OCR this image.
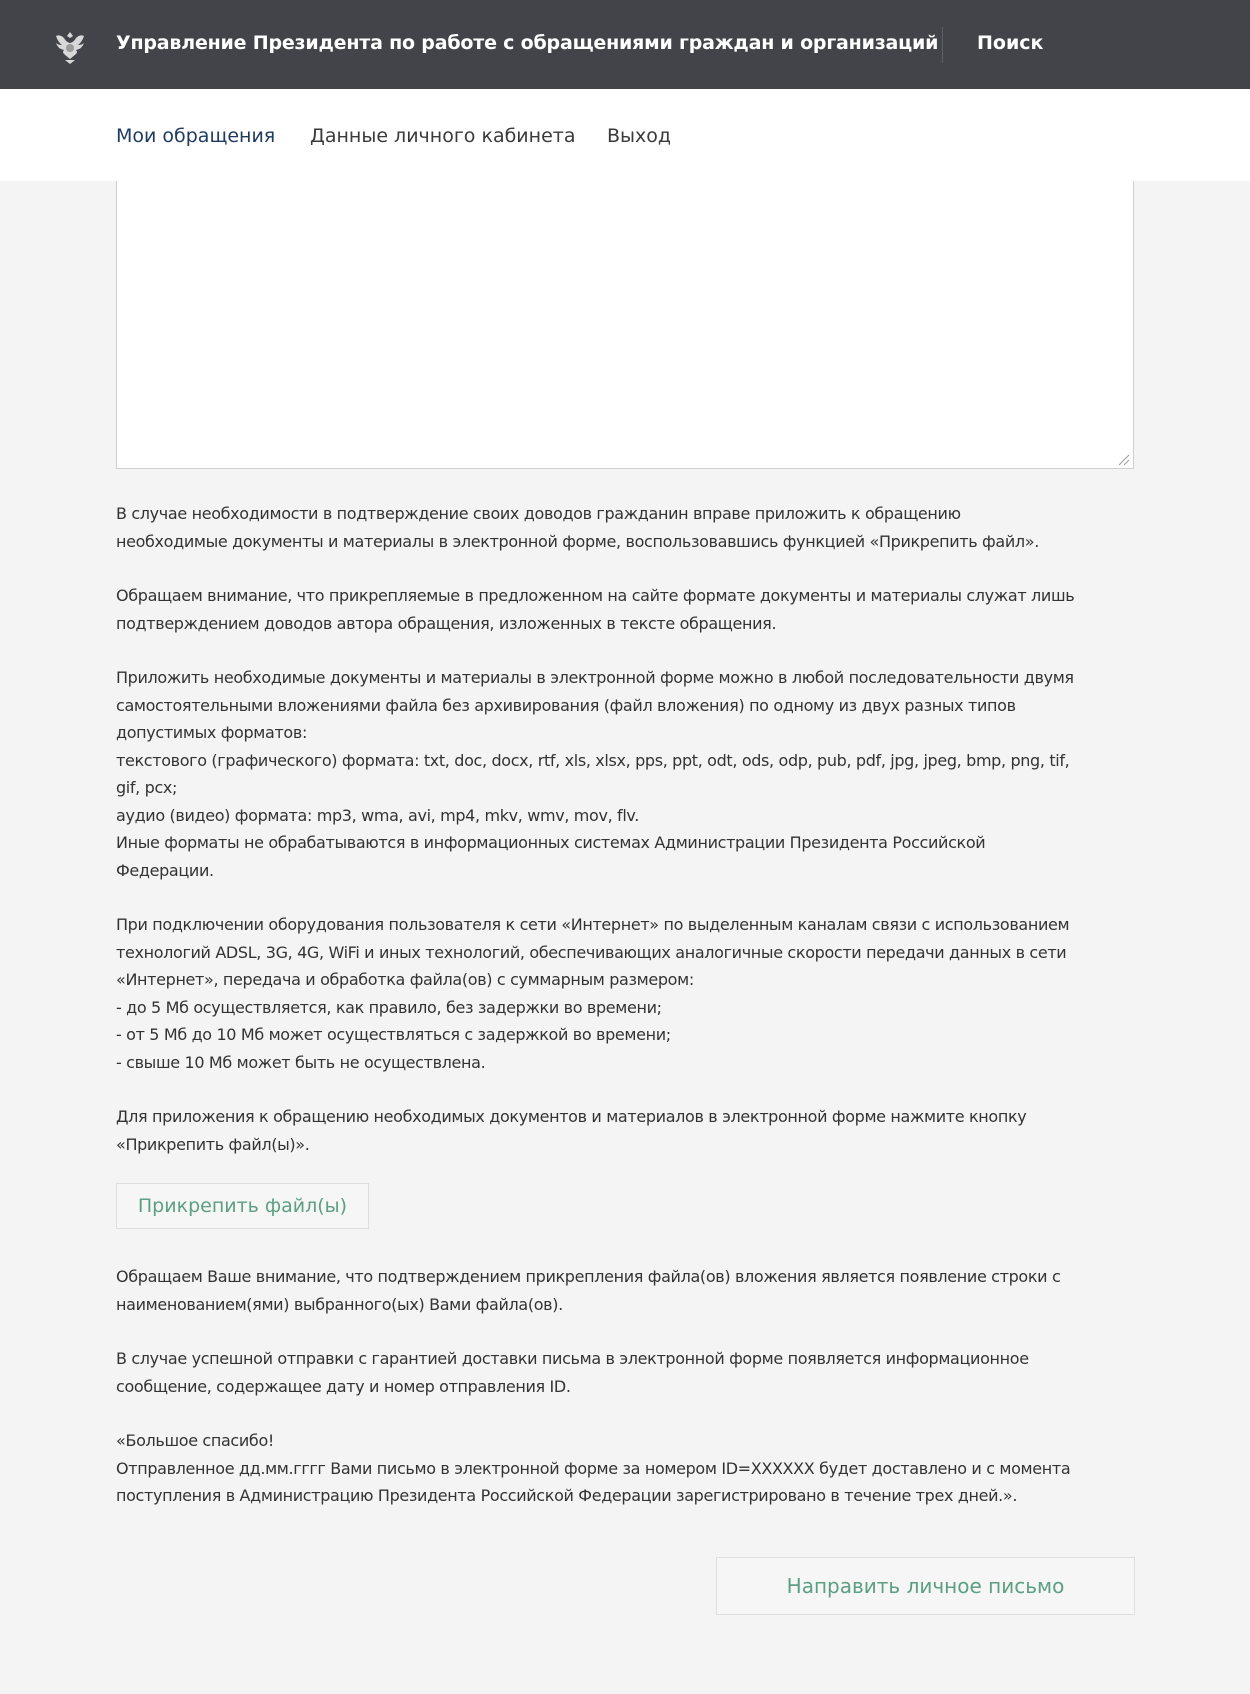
Управление Президента по работе с обращениями граждан и организаций Поиск
Мои обращения Данные личного кабинета Выход

В случае необходимости в подтверждение своих доводов гражданин вправе приложить к обращению
необходимые документы и материалы в электронной форме, воспользовавшись функцией «Прикрепить файл».

Обращаем внимание, что прикрепляемые в предложенном на сайте формате документы и материалы служат лишь
подтверждением доводов автора обращения, изложенных в тексте обращения.

Приложить необходимые документы и материалы в электронной форме можно в любой последовательности двумя
самостоятельными вложениями файла без архивирования (файл вложения) по одному из двух разных типов
допустимых форматов:
текстового (графического) формата: txt, doc, docx, rtf, xls, xlsx, pps, ppt, odt, ods, odp, pub, pdf, jpg, jpeg, bmp, png, tif,
gif, pcx;
аудио (видео) формата: mp3, wma, avi, mp4, mkv, wmv, mov, flv.
Иные форматы не обрабатываются в информационных системах Администрации Президента Российской
Федерации.

При подключении оборудования пользователя к сети «Интернет» по выделенным каналам связи с использованием
технологий ADSL, 3G, 4G, WiFi и иных технологий, обеспечивающих аналогичные скорости передачи данных в сети
«Интернет», передача и обработка файла(ов) с суммарным размером:
- до 5 Мб осуществляется, как правило, без задержки во времени;
- от 5 Мб до 10 Мб может осуществляться с задержкой во времени;
- свыше 10 Мб может быть не осуществлена.

Для приложения к обращению необходимых документов и материалов в электронной форме нажмите кнопку
«Прикрепить файл(ы)».

Прикрепить файл(ы)

Обращаем Ваше внимание, что подтверждением прикрепления файла(ов) вложения является появление строки с
наименованием(ями) выбранного(ых) Вами файла(ов).

В случае успешной отправки с гарантией доставки письма в электронной форме появляется информационное
сообщение, содержащее дату и номер отправления ID.

«Большое спасибо!
Отправленное дд.мм.гггг Вами письмо в электронной форме за номером ID=XXXXXX будет доставлено и с момента
поступления в Администрацию Президента Российской Федерации зарегистрировано в течение трех дней.».

Направить личное письмо
